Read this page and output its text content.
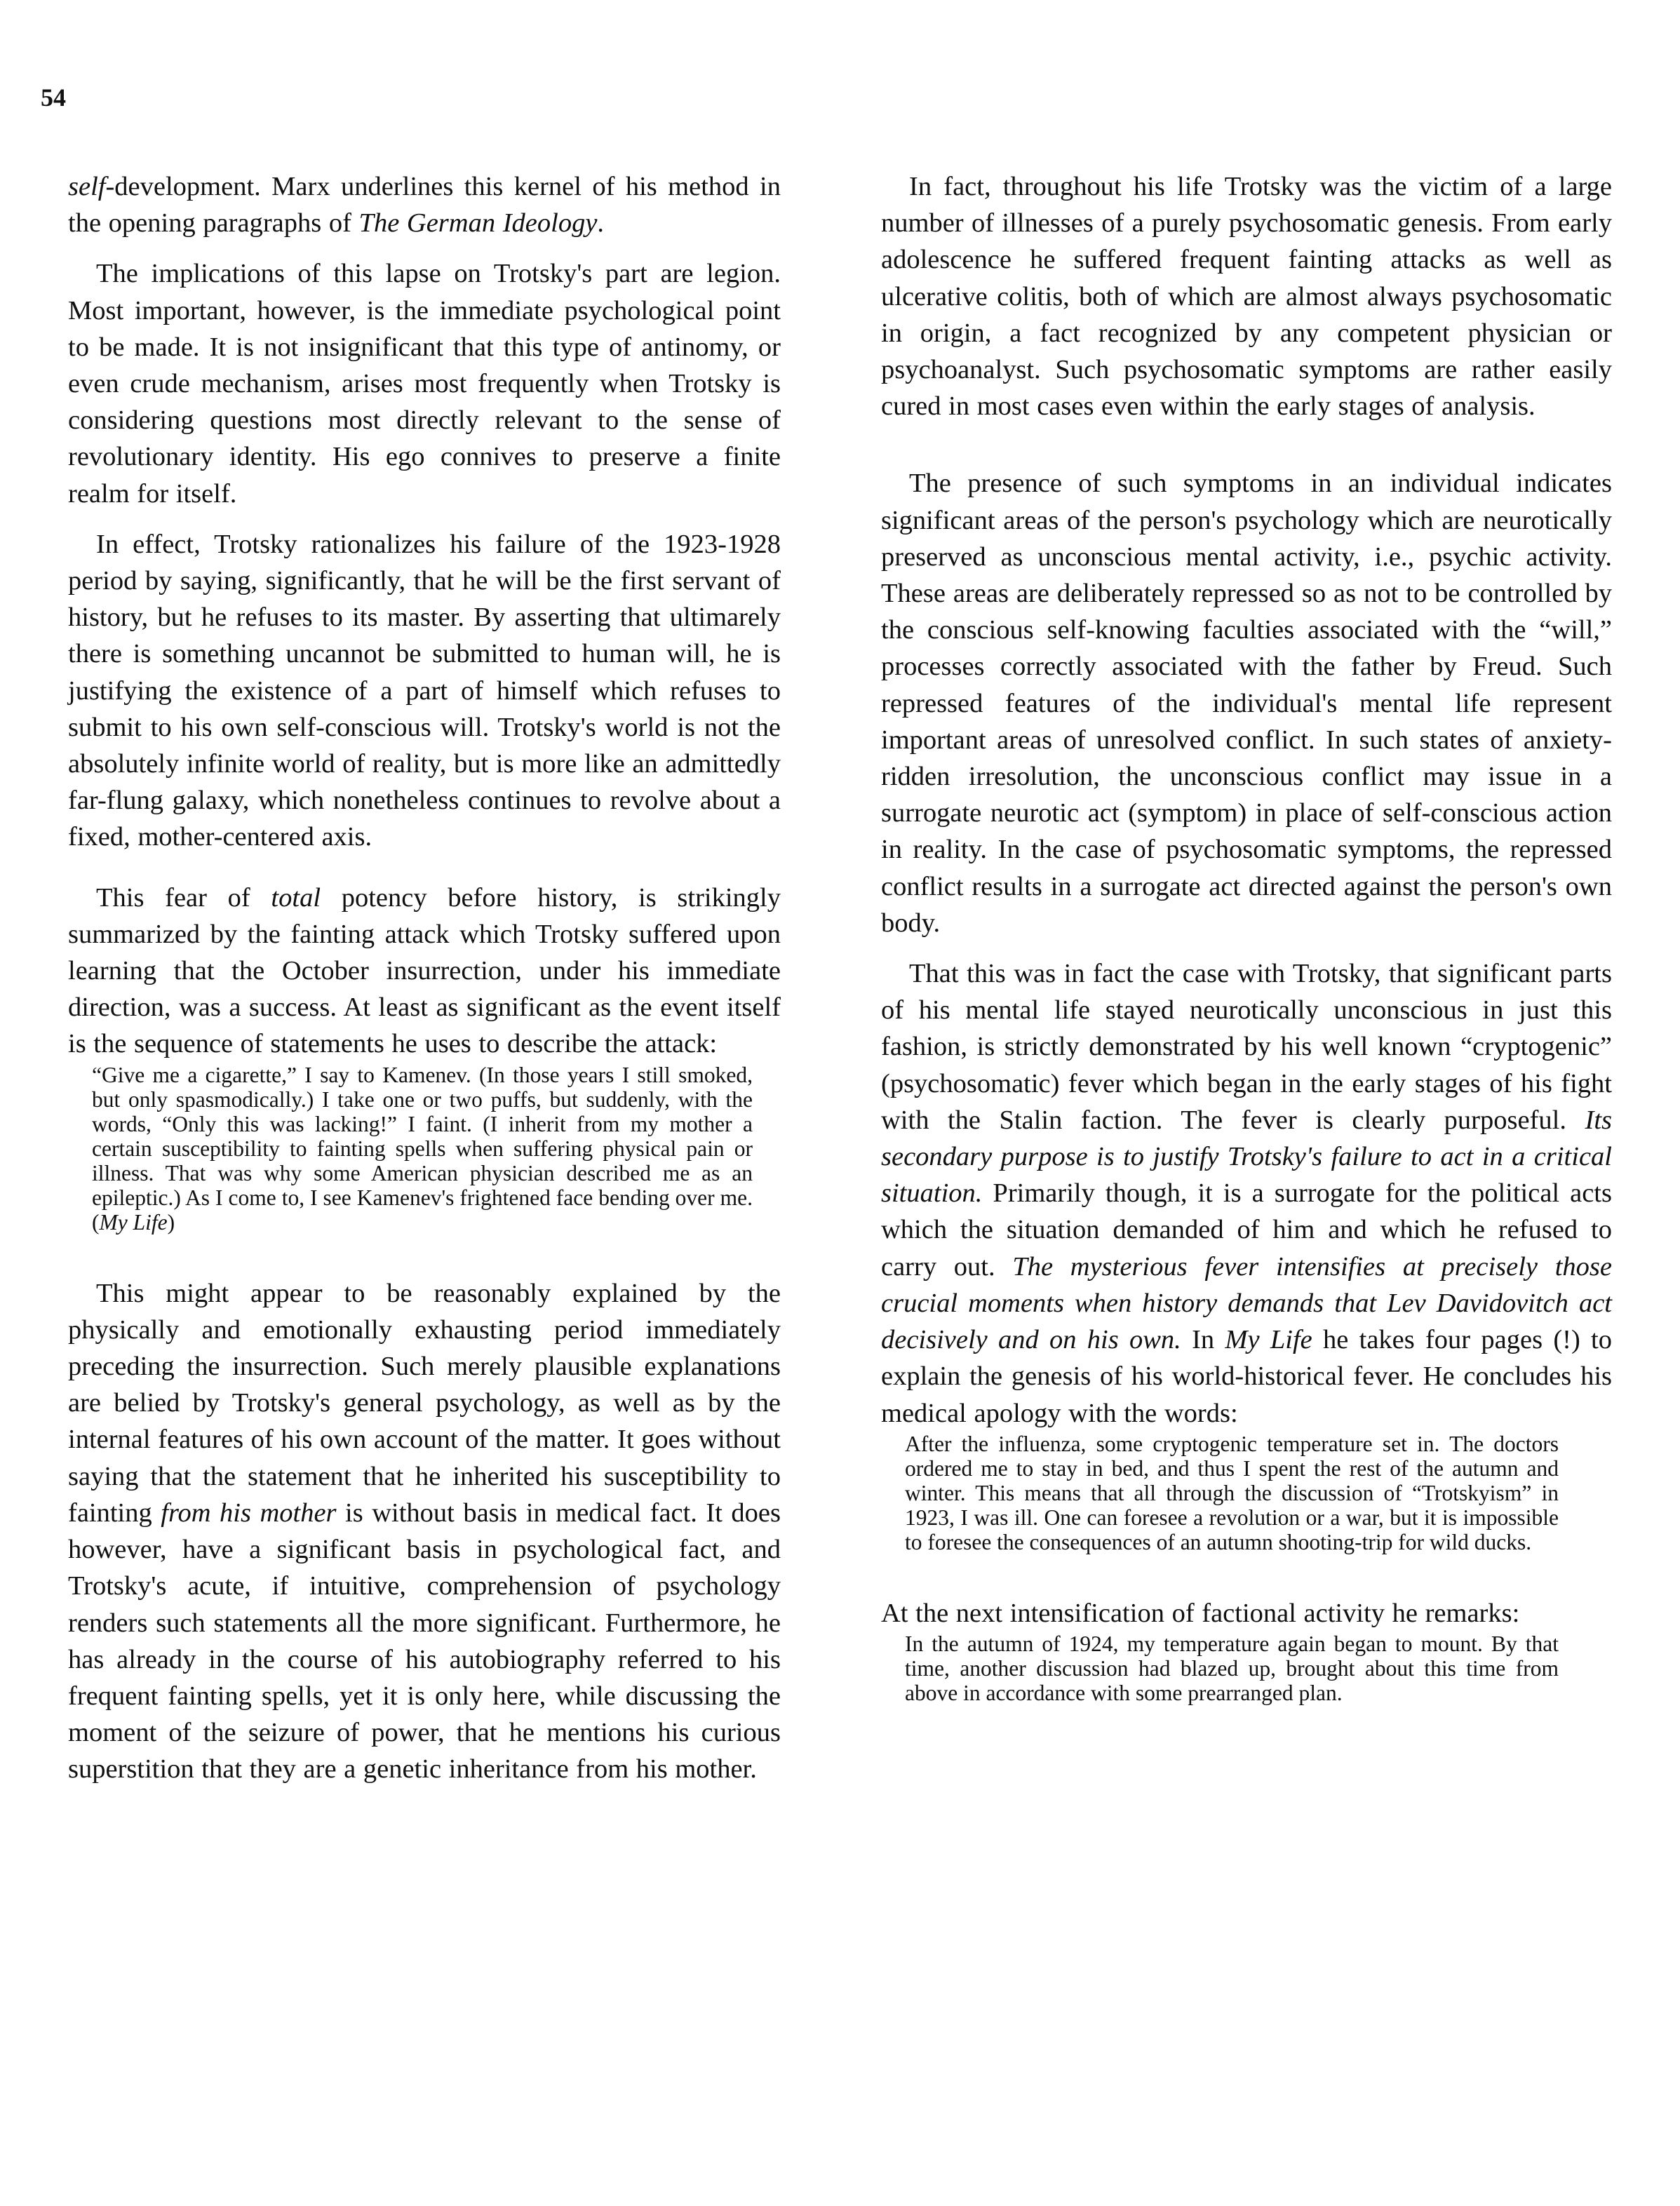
54

self-development. Marx underlines this kernel of his method in the opening paragraphs of The German Ideology.

The implications of this lapse on Trotsky's part are legion. Most important, however, is the immediate psychological point to be made. It is not insignificant that this type of antinomy, or even crude mechanism, arises most frequently when Trotsky is considering questions most directly relevant to the sense of revolutionary identity. His ego connives to preserve a finite realm for itself.

In effect, Trotsky rationalizes his failure of the 1923-1928 period by saying, significantly, that he will be the first servant of history, but he refuses to its master. By asserting that ultimarely there is something uncannot be submitted to human will, he is justifying the existence of a part of himself which refuses to submit to his own self-conscious will. Trotsky's world is not the absolutely infinite world of reality, but is more like an admittedly far-flung galaxy, which nonetheless continues to revolve about a fixed, mother-centered axis.

This fear of total potency before history, is strikingly summarized by the fainting attack which Trotsky suffered upon learning that the October insurrection, under his immediate direction, was a success. At least as significant as the event itself is the sequence of statements he uses to describe the attack:

“Give me a cigarette,” I say to Kamenev. (In those years I still smoked, but only spasmodically.) I take one or two puffs, but suddenly, with the words, “Only this was lacking!” I faint. (I inherit from my mother a certain susceptibility to fainting spells when suffering physical pain or illness. That was why some American physician described me as an epileptic.) As I come to, I see Kamenev's frightened face bending over me. (My Life)

This might appear to be reasonably explained by the physically and emotionally exhausting period immediately preceding the insurrection. Such merely plausible explanations are belied by Trotsky's general psychology, as well as by the internal features of his own account of the matter. It goes without saying that the statement that he inherited his susceptibility to fainting from his mother is without basis in medical fact. It does however, have a significant basis in psychological fact, and Trotsky's acute, if intuitive, comprehension of psychology renders such statements all the more significant. Furthermore, he has already in the course of his autobiography referred to his frequent fainting spells, yet it is only here, while discussing the moment of the seizure of power, that he mentions his curious superstition that they are a genetic inheritance from his mother.

In fact, throughout his life Trotsky was the victim of a large number of illnesses of a purely psychosomatic genesis. From early adolescence he suffered frequent fainting attacks as well as ulcerative colitis, both of which are almost always psychosomatic in origin, a fact recognized by any competent physician or psychoanalyst. Such psychosomatic symptoms are rather easily cured in most cases even within the early stages of analysis.

The presence of such symptoms in an individual indicates significant areas of the person's psychology which are neurotically preserved as unconscious mental activity, i.e., psychic activity. These areas are deliberately repressed so as not to be controlled by the conscious self-knowing faculties associated with the “will,” processes correctly associated with the father by Freud. Such repressed features of the individual's mental life represent important areas of unresolved conflict. In such states of anxiety-ridden irresolution, the unconscious conflict may issue in a surrogate neurotic act (symptom) in place of self-conscious action in reality. In the case of psychosomatic symptoms, the repressed conflict results in a surrogate act directed against the person's own body.

That this was in fact the case with Trotsky, that significant parts of his mental life stayed neurotically unconscious in just this fashion, is strictly demonstrated by his well known “cryptogenic” (psychosomatic) fever which began in the early stages of his fight with the Stalin faction. The fever is clearly purposeful. Its secondary purpose is to justify Trotsky's failure to act in a critical situation. Primarily though, it is a surrogate for the political acts which the situation demanded of him and which he refused to carry out. The mysterious fever intensifies at precisely those crucial moments when history demands that Lev Davidovitch act decisively and on his own. In My Life he takes four pages (!) to explain the genesis of his world-historical fever. He concludes his medical apology with the words:

After the influenza, some cryptogenic temperature set in. The doctors ordered me to stay in bed, and thus I spent the rest of the autumn and winter. This means that all through the discussion of “Trotskyism” in 1923, I was ill. One can foresee a revolution or a war, but it is impossible to foresee the consequences of an autumn shooting-trip for wild ducks.

At the next intensification of factional activity he remarks:

In the autumn of 1924, my temperature again began to mount. By that time, another discussion had blazed up, brought about this time from above in accordance with some prearranged plan.
